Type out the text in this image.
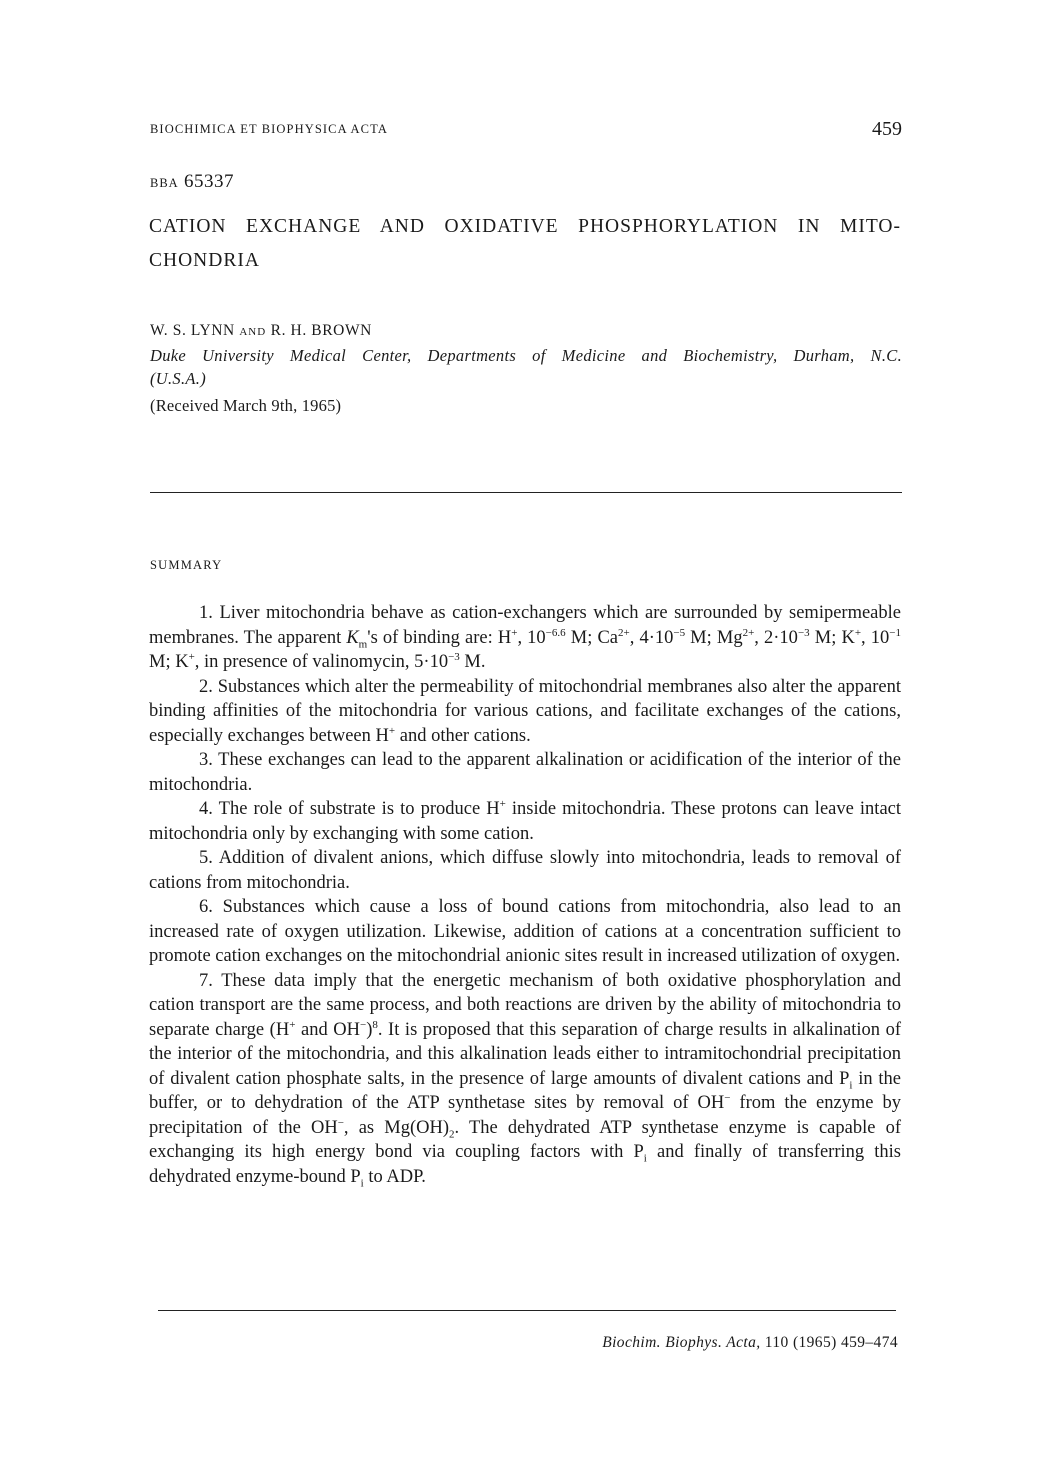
BIOCHIMICA ET BIOPHYSICA ACTA	459
BBA 65337
CATION EXCHANGE AND OXIDATIVE PHOSPHORYLATION IN MITO-
CHONDRIA
W. S. LYNN AND R. H. BROWN
Duke University Medical Center, Departments of Medicine and Biochemistry, Durham, N.C.
(U.S.A.)
(Received March 9th, 1965)
SUMMARY

1. Liver mitochondria behave as cation-exchangers which are surrounded by semipermeable membranes. The apparent $K_m's$ of binding are: H+, $10^{-6.6}$ M; $Ca^{2+}$, $4\cdot 10^{-5}$ M; $Mg^{2+}$, $2\cdot 10^{-3}$ M; K+, $10^{-1}$ M; K+, in presence of valinomycin, $5\cdot 10^{-3}$ M.

2. Substances which alter the permeability of mitochondrial membranes also alter the apparent binding affinities of the mitochondria for various cations, and facilitate exchanges of the cations, especially exchanges between H+ and other cations.

3. These exchanges can lead to the apparent alkalination or acidification of the interior of the mitochondria.

4. The role of substrate is to produce H+ inside mitochondria. These protons can leave intact mitochondria only by exchanging with some cation.

5. Addition of divalent anions, which diffuse slowly into mitochondria, leads to removal of cations from mitochondria.

6. Substances which cause a loss of bound cations from mitochondria, also lead to an increased rate of oxygen utilization. Likewise, addition of cations at a concentration sufficient to promote cation exchanges on the mitochondrial anionic sites result in increased utilization of oxygen.

7. These data imply that the energetic mechanism of both oxidative phosphorylation and cation transport are the same process, and both reactions are driven by the ability of mitochondria to separate charge (H+ and OH−)$^8$. It is proposed that this separation of charge results in alkalination of the interior of the mitochondria, and this alkalination leads either to intramitochondrial precipitation of divalent cation phosphate salts, in the presence of large amounts of divalent cations and $P_i$ in the buffer, or to dehydration of the ATP synthetase sites by removal of OH− from the enzyme by precipitation of the OH−, as $Mg(OH)_2$. The dehydrated ATP synthetase enzyme is capable of exchanging its high energy bond via coupling factors with $P_i$ and finally of transferring this dehydrated enzyme-bound $P_i$ to ADP.

Biochim. Biophys. Acta, 110 (1965) 459–474
